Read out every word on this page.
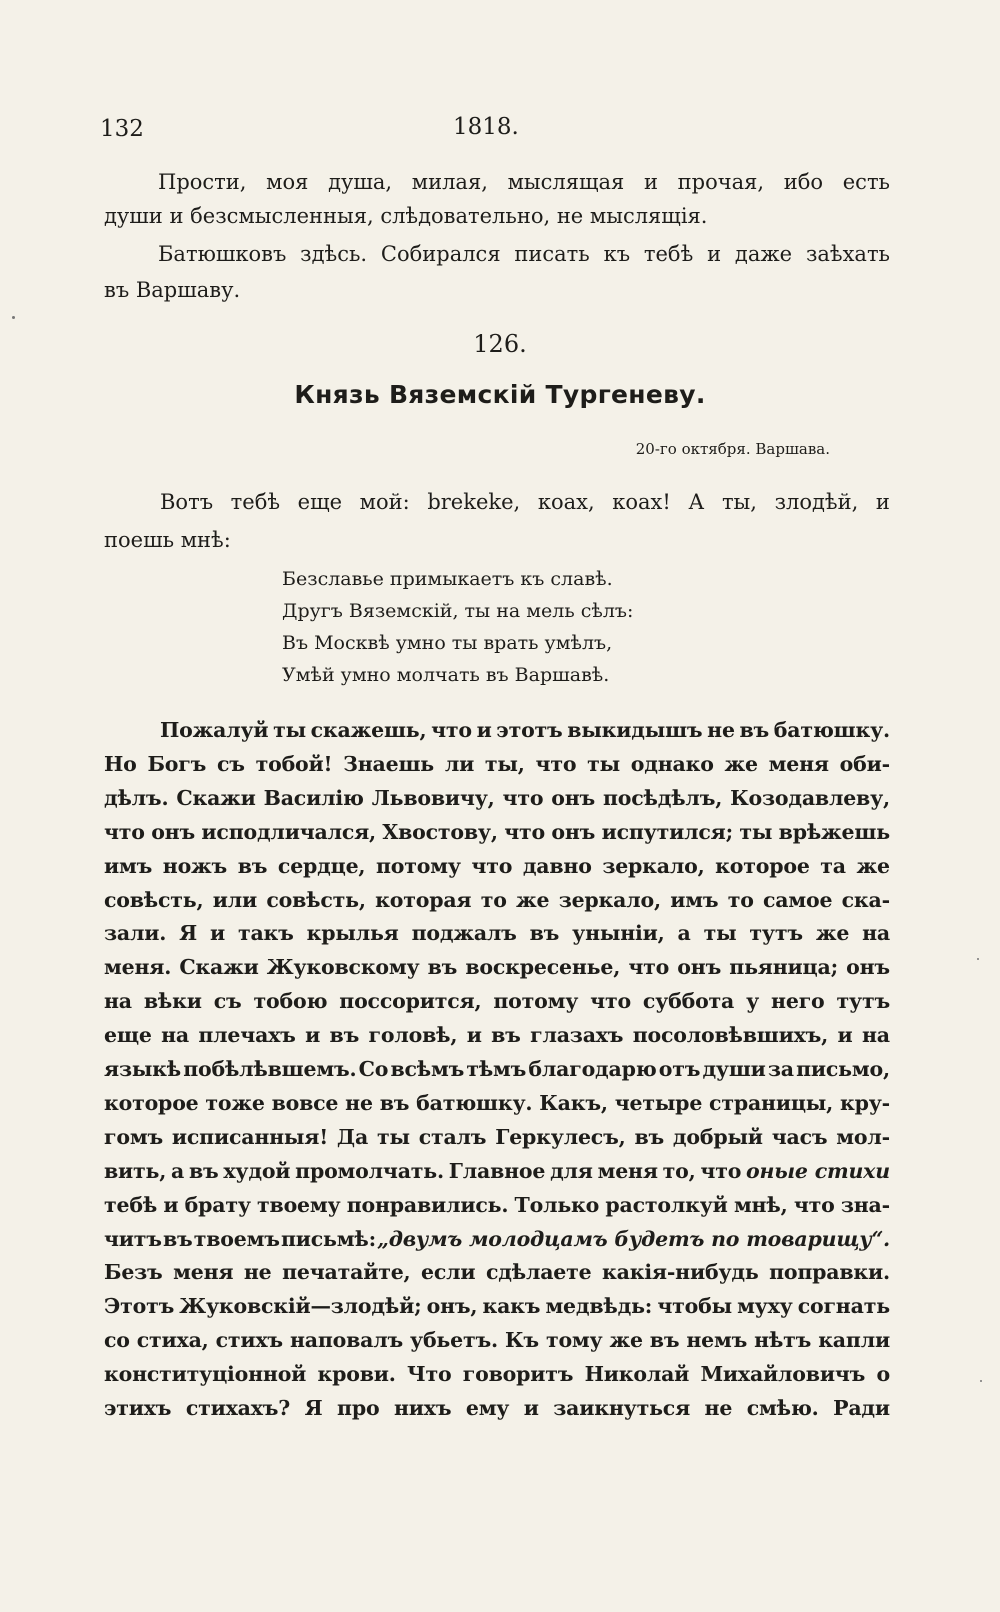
132	1818.
Прости, моя душа, милая, мыслящая и прочая, ибо есть
души и безсмысленныя, слѣдовательно, не мыслящія.
Батюшковъ здѣсь. Собирался писать къ тебѣ и даже заѣхать
въ Варшаву.
126.
Князь Вяземскій Тургеневу.
20-го октября. Варшава.
Вотъ тебѣ еще мой: brekeke, коах, коах! А ты, злодѣй, и
поешь мнѣ:
Безславье примыкаетъ къ славѣ.
Другъ Вяземскій, ты на мель сѣлъ:
Въ Москвѣ умно ты врать умѣлъ,
Умѣй умно молчать въ Варшавѣ.
Пожалуй ты скажешь, что и этотъ выкидышъ не въ батюшку.
Но Богъ съ тобой! Знаешь ли ты, что ты однако же меня оби-
дѣлъ. Скажи Василію Львовичу, что онъ посѣдѣлъ, Козодавлеву,
что онъ исподличался, Хвостову, что онъ испутился; ты врѣжешь
имъ ножъ въ сердце, потому что давно зеркало, которое та же
совѣсть, или совѣсть, которая то же зеркало, имъ то самое ска-
зали. Я и такъ крылья поджалъ въ уныніи, а ты тутъ же на
меня. Скажи Жуковскому въ воскресенье, что онъ пьяница; онъ
на вѣки съ тобою поссорится, потому что суббота у него тутъ
еще на плечахъ и въ головѣ, и въ глазахъ посоловѣвшихъ, и на
языкѣ побѣлѣвшемъ. Со всѣмъ тѣмъ благодарю отъ души за письмо,
которое тоже вовсе не въ батюшку. Какъ, четыре страницы, кру-
гомъ исписанныя! Да ты сталъ Геркулесъ, въ добрый часъ мол-
вить, а въ худой промолчать. Главное для меня то, что оные стихи
тебѣ и брату твоему понравились. Только растолкуй мнѣ, что зна-
читъ въ твоемъ письмѣ: „двумъ молодцамъ будетъ по товарищу“.
Безъ меня не печатайте, если сдѣлаете какія-нибудь поправки.
Этотъ Жуковскій—злодѣй; онъ, какъ медвѣдь: чтобы муху согнать
со стиха, стихъ наповалъ убьетъ. Къ тому же въ немъ нѣтъ капли
конституціонной крови. Что говоритъ Николай Михайловичъ о
этихъ стихахъ? Я про нихъ ему и заикнуться не смѣю. Ради
